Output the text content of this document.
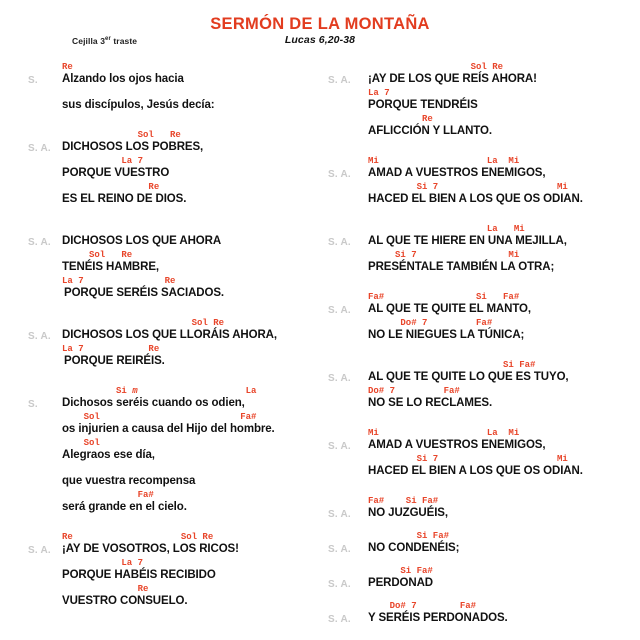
Cejilla 3er traste
SERMÓN DE LA MONTAÑA
Lucas 6,20-38
S.
Re
Alzando los ojos hacia
sus discípulos, Jesús decía:
S. A.
Sol   Re
DICHOSOS LOS POBRES,
La 7
PORQUE VUESTRO
Re
ES EL REINO DE DIOS.
S. A. DICHOSOS LOS QUE AHORA
Sol   Re
TENÉIS HAMBRE,
La 7               Re
PORQUE SERÉIS SACIADOS.
S. A.
Sol Re
DICHOSOS LOS QUE LLORÁIS AHORA,
La 7            Re
PORQUE REIRÉIS.
S.
Si m                    La
Dichosos seréis cuando os odien,
Sol                          Fa#
os injurien a causa del Hijo del hombre.
Sol
Alegraos ese día,
que vuestra recompensa
Fa#
será grande en el cielo.
S. A.
Re                    Sol Re
¡AY DE VOSOTROS, LOS RICOS!
La 7
PORQUE HABÉIS RECIBIDO
Re
VUESTRO CONSUELO.
S. A.
Sol Re
¡AY DE LOS QUE REÍS AHORA!
La 7
PORQUE TENDRÉIS
Re
AFLICCIÓN Y LLANTO.
S. A.
Mi                    La  Mi
AMAD A VUESTROS ENEMIGOS,
Si 7                      Mi
HACED EL BIEN A LOS QUE OS ODIAN.
S. A.
La   Mi
AL QUE TE HIERE EN UNA MEJILLA,
Si 7                 Mi
PRESÉNTALE TAMBIÉN LA OTRA;
S. A.
Fa#                 Si   Fa#
AL QUE TE QUITE EL MANTO,
Do# 7         Fa#
NO LE NIEGUES LA TÚNICA;
S. A.
Si Fa#
AL QUE TE QUITE LO QUE ES TUYO,
Do# 7         Fa#
NO SE LO RECLAMES.
S. A.
Mi                    La  Mi
AMAD A VUESTROS ENEMIGOS,
Si 7                      Mi
HACED EL BIEN A LOS QUE OS ODIAN.
S. A.
Fa#    Si Fa#
NO JUZGUÉIS,
S. A.
Si Fa#
NO CONDENÉIS;
S. A.
Si Fa#
PERDONAD
S. A.
Do# 7        Fa#
Y SERÉIS PERDONADOS.
